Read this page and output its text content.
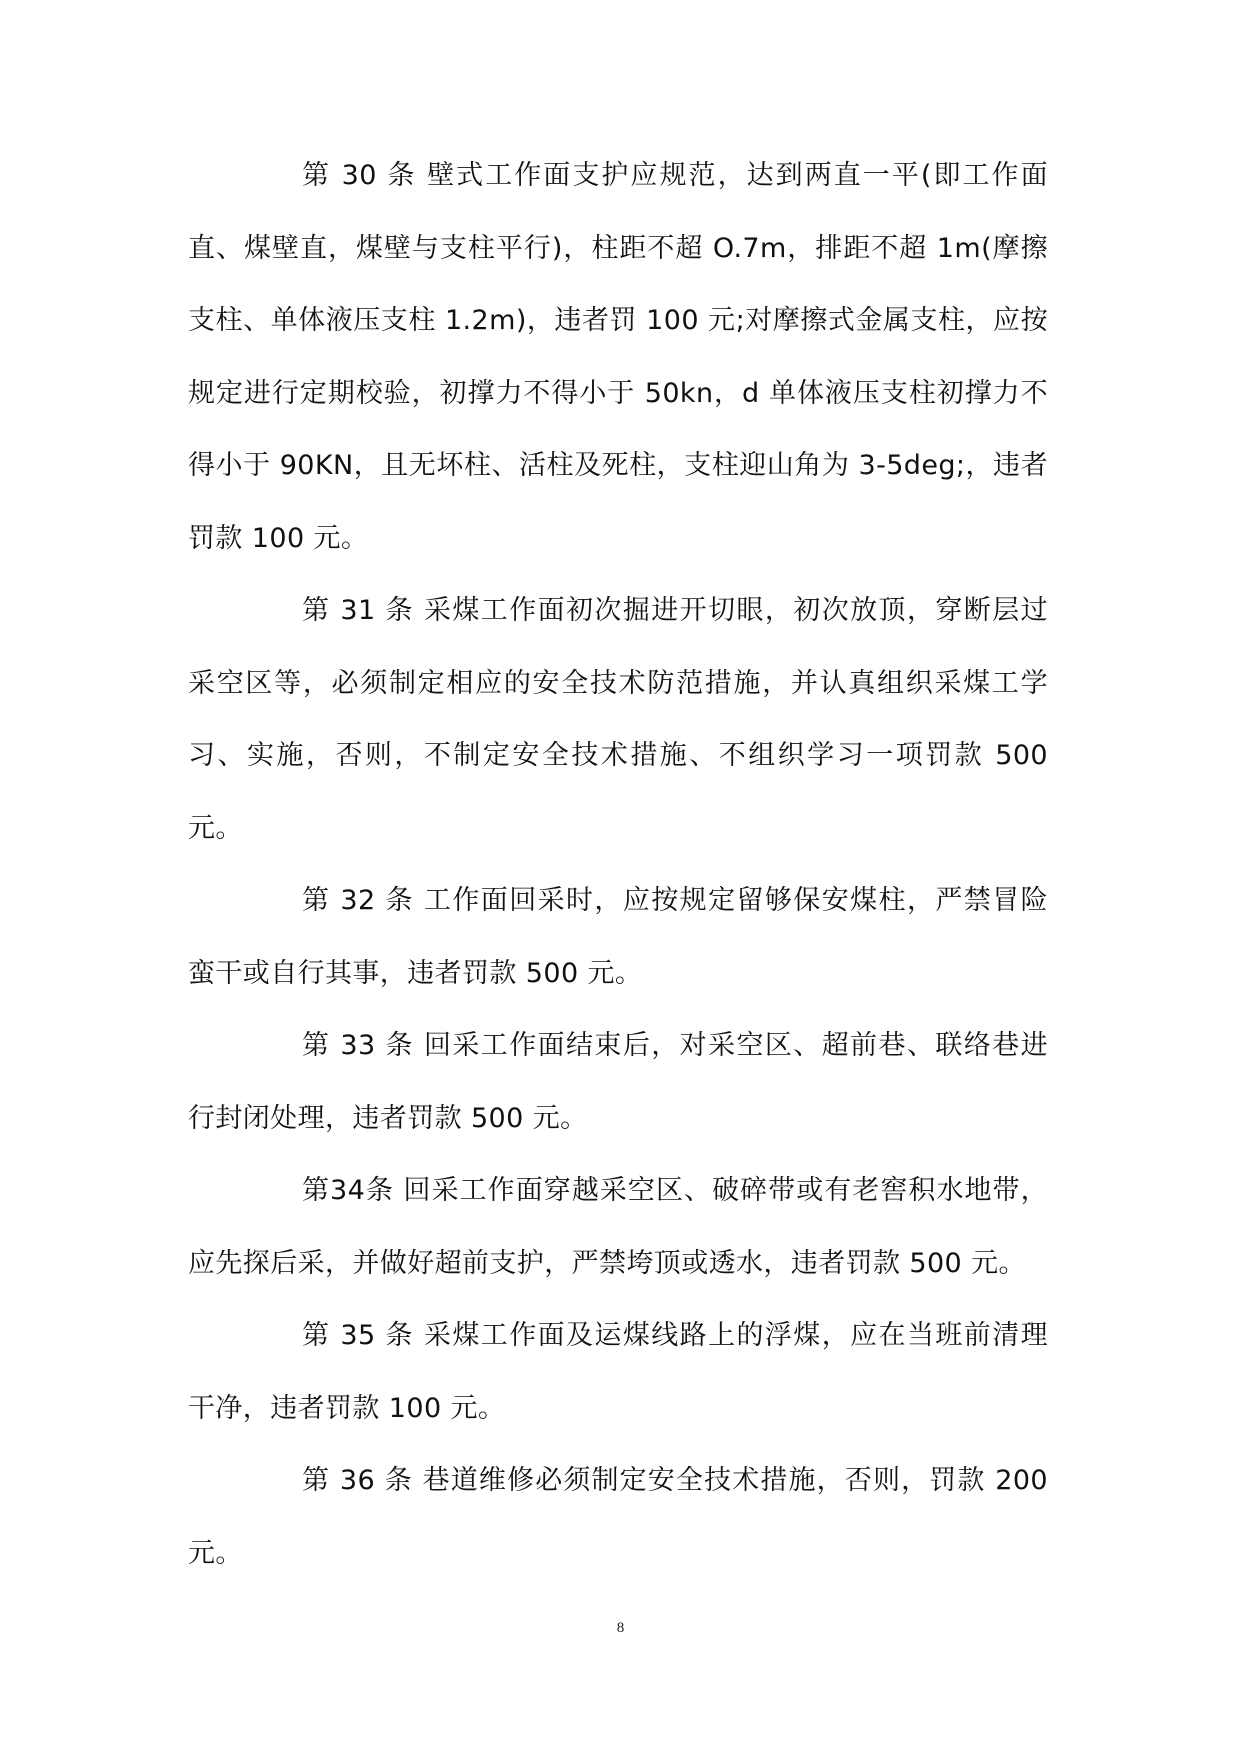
第 30 条 壁式工作面支护应规范，达到两直一平(即工作面直、煤壁直，煤壁与支柱平行)，柱距不超 O.7m，排距不超 1m(摩擦支柱、单体液压支柱 1.2m)，违者罚 100 元;对摩擦式金属支柱，应按规定进行定期校验，初撑力不得小于 50kn，d 单体液压支柱初撑力不得小于 90KN，且无坏柱、活柱及死柱，支柱迎山角为 3-5deg;，违者罚款 100 元。

第 31 条 采煤工作面初次掘进开切眼，初次放顶，穿断层过采空区等，必须制定相应的安全技术防范措施，并认真组织采煤工学习、实施，否则，不制定安全技术措施、不组织学习一项罚款 500 元。

第 32 条 工作面回采时，应按规定留够保安煤柱，严禁冒险蛮干或自行其事，违者罚款 500 元。

第 33 条 回采工作面结束后，对采空区、超前巷、联络巷进行封闭处理，违者罚款 500 元。

第34条 回采工作面穿越采空区、破碎带或有老窖积水地带，应先探后采，并做好超前支护，严禁垮顶或透水，违者罚款 500 元。

第 35 条 采煤工作面及运煤线路上的浮煤，应在当班前清理干净，违者罚款 100 元。

第 36 条 巷道维修必须制定安全技术措施，否则，罚款 200 元。

8
